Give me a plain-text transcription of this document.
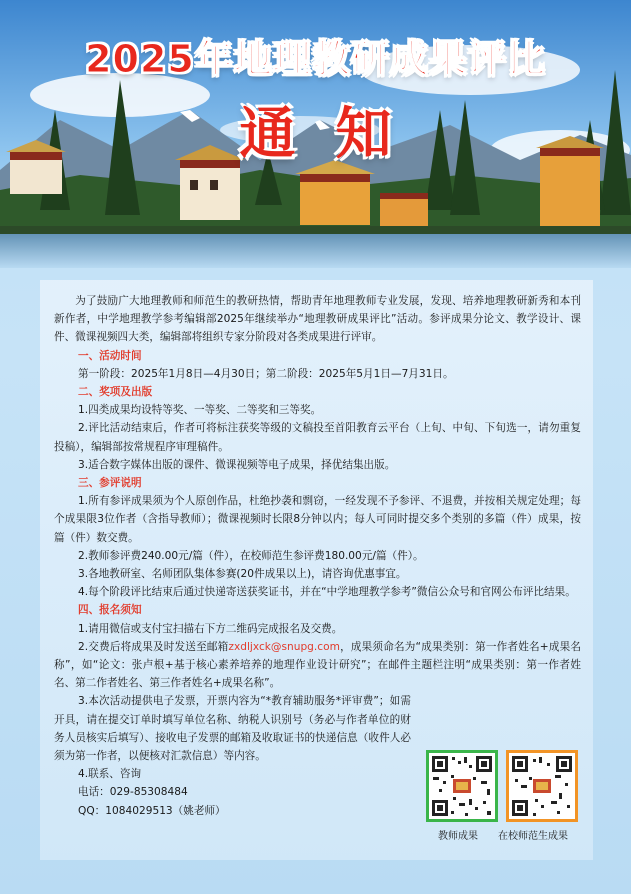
2025年地理教研成果评比
通知

为了鼓励广大地理教师和师范生的教研热情，帮助青年地理教师专业发展，发现、培养地理教研新秀和本刊新作者，中学地理教学参考编辑部2025年继续举办“地理教研成果评比”活动。参评成果分论文、教学设计、课件、微课视频四大类，编辑部将组织专家分阶段对各类成果进行评审。

一、活动时间

第一阶段：2025年1月8日—4月30日；第二阶段：2025年5月1日—7月31日。

二、奖项及出版

1.四类成果均设特等奖、一等奖、二等奖和三等奖。

2.评比活动结束后，作者可将标注获奖等级的文稿投至首阳教育云平台（上旬、中旬、下旬选一，请勿重复投稿），编辑部按常规程序审理稿件。

3.适合数字媒体出版的课件、微课视频等电子成果，择优结集出版。

三、参评说明

1.所有参评成果须为个人原创作品，杜绝抄袭和剽窃，一经发现不予参评、不退费，并按相关规定处理；每个成果限3位作者（含指导教师）；微课视频时长限8分钟以内；每人可同时提交多个类别的多篇（件）成果，按篇（件）数交费。

2.教师参评费240.00元/篇（件），在校师范生参评费180.00元/篇（件）。

3.各地教研室、名师团队集体参赛(20件成果以上)，请咨询优惠事宜。

4.每个阶段评比结束后通过快递寄送获奖证书，并在“中学地理教学参考”微信公众号和官网公布评比结果。

四、报名须知

1.请用微信或支付宝扫描右下方二维码完成报名及交费。

2.交费后将成果及时发送至邮箱zxdljxck@snupg.com，成果须命名为“成果类别：第一作者姓名+成果名称”，如“论文：张卢根+基于核心素养培养的地理作业设计研究”；在邮件主题栏注明“成果类别：第一作者姓名、第二作者姓名、第三作者姓名+成果名称”。

3.本次活动提供电子发票，开票内容为“*教育辅助服务*评审费”；如需开具，请在提交订单时填写单位名称、纳税人识别号（务必与作者单位的财务人员核实后填写）、接收电子发票的邮箱及收取证书的快递信息（收件人必须为第一作者，以便核对汇款信息）等内容。

4.联系、咨询

电话：029-85308484

QQ：1084029513（姚老师）

教师成果 在校师范生成果
